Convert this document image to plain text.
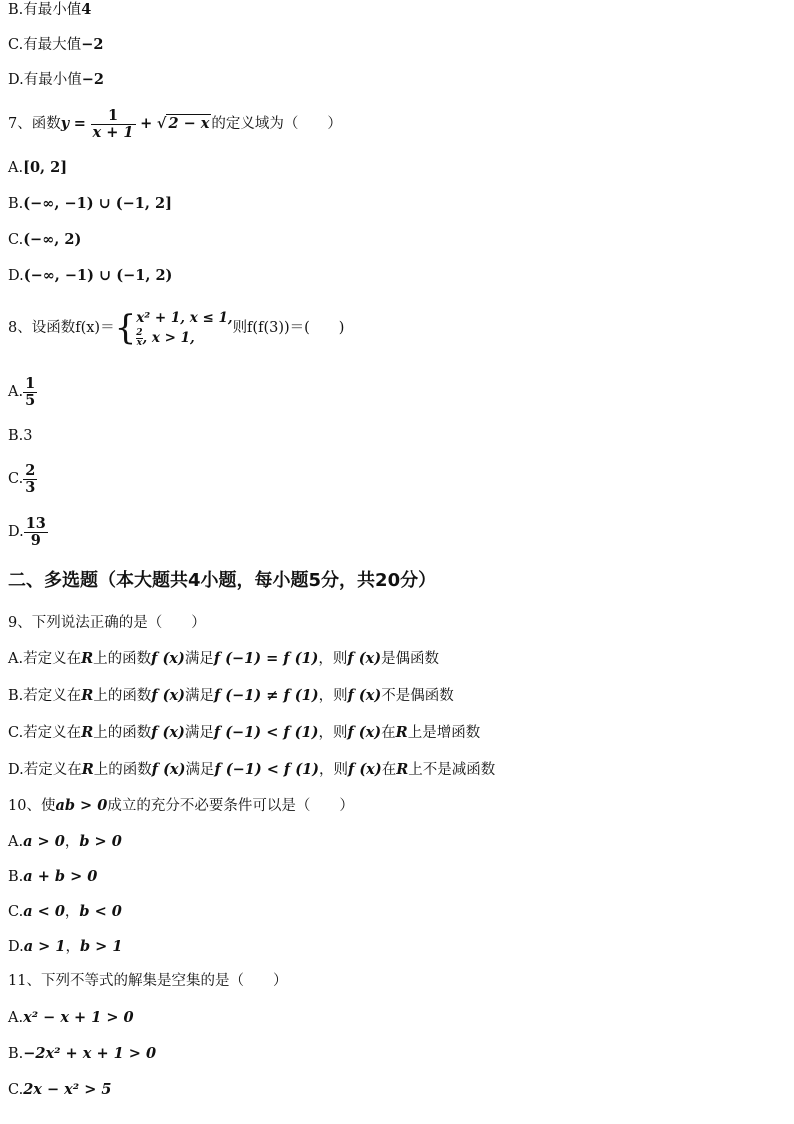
B.有最小值4
C.有最大值−2
D.有最小值−2
7、函数$y = \frac{1}{x + 1}$ + √ 2 − x 的定义域为（　　）
A.[0, 2]
B.(−∞, −1) ∪ (−1, 2]
C.(−∞, 2)
D.(−∞, −1) ∪ (−1, 2)
8、设函数f(x)＝{ x² + 1, x ≤ 1,
$\frac{2}{x}$ , x > 1,
则f(f(3))＝(　　)
A. $\frac{1}{5}$
B.3
C. $\frac{2}{3}$
D. $\frac{13}{9}$
二、多选题（本大题共4小题，每小题5分，共20分）
9、下列说法正确的是（　　）
A.若定义在R上的函数f (x)满足f (−1) = f (1)，则f (x)是偶函数
B.若定义在R上的函数f (x)满足f (−1) ≠ f (1)，则f (x)不是偶函数
C.若定义在R上的函数f (x)满足f (−1) < f (1)，则f (x)在R上是增函数
D.若定义在R上的函数f (x)满足f (−1) < f (1)，则f (x)在R上不是减函数
10、使ab > 0成立的充分不必要条件可以是（　　）
A.a > 0，b > 0
B.a + b > 0
C.a < 0，b < 0
D.a > 1，b > 1
11、下列不等式的解集是空集的是（　　）
A.x² − x + 1 > 0
B.−2x² + x + 1 > 0
C.2x − x² > 5
